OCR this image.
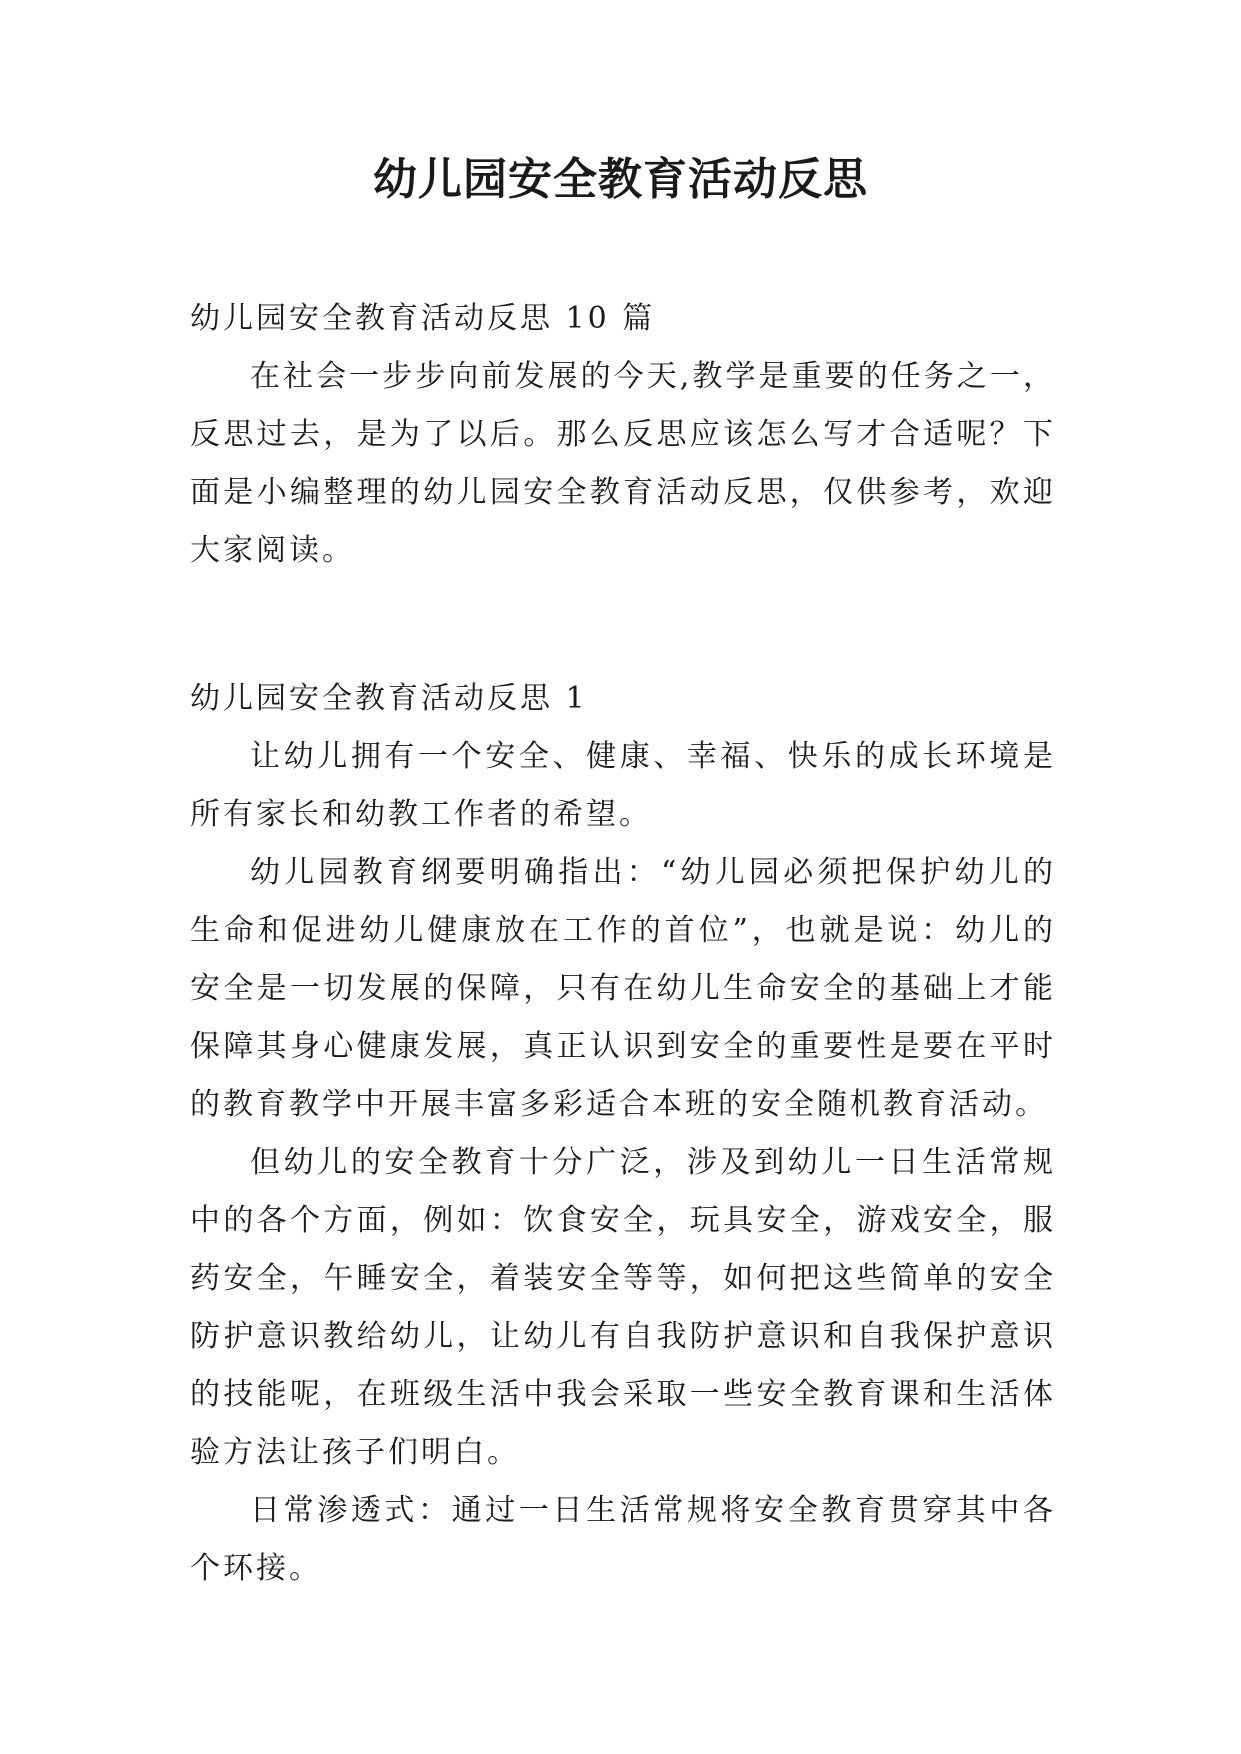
幼儿园安全教育活动反思

幼儿园安全教育活动反思 10 篇

在社会一步步向前发展的今天,教学是重要的任务之一，反思过去，是为了以后。那么反思应该怎么写才合适呢？下面是小编整理的幼儿园安全教育活动反思，仅供参考，欢迎大家阅读。

幼儿园安全教育活动反思 1

让幼儿拥有一个安全、健康、幸福、快乐的成长环境是所有家长和幼教工作者的希望。

幼儿园教育纲要明确指出：“幼儿园必须把保护幼儿的生命和促进幼儿健康放在工作的首位”，也就是说：幼儿的安全是一切发展的保障，只有在幼儿生命安全的基础上才能保障其身心健康发展，真正认识到安全的重要性是要在平时的教育教学中开展丰富多彩适合本班的安全随机教育活动。

但幼儿的安全教育十分广泛，涉及到幼儿一日生活常规中的各个方面，例如：饮食安全，玩具安全，游戏安全，服药安全，午睡安全，着装安全等等，如何把这些简单的安全防护意识教给幼儿，让幼儿有自我防护意识和自我保护意识的技能呢，在班级生活中我会采取一些安全教育课和生活体验方法让孩子们明白。

日常渗透式：通过一日生活常规将安全教育贯穿其中各个环接。
